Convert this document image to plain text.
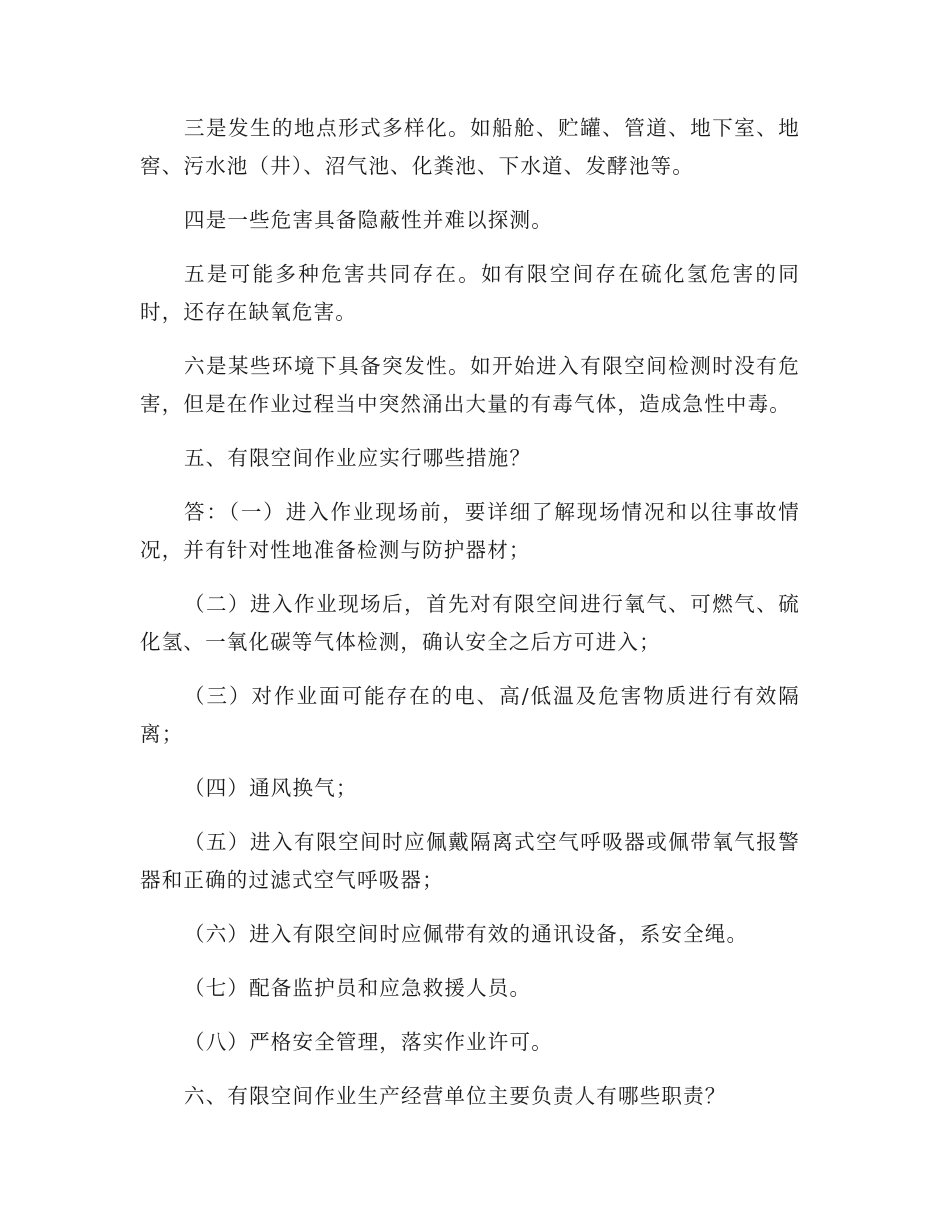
三是发生的地点形式多样化。如船舱、贮罐、管道、地下室、地窖、污水池（井）、沼气池、化粪池、下水道、发酵池等。

四是一些危害具备隐蔽性并难以探测。

五是可能多种危害共同存在。如有限空间存在硫化氢危害的同时，还存在缺氧危害。

六是某些环境下具备突发性。如开始进入有限空间检测时没有危害，但是在作业过程当中突然涌出大量的有毒气体，造成急性中毒。

五、有限空间作业应实行哪些措施？

答：（一）进入作业现场前，要详细了解现场情况和以往事故情况，并有针对性地准备检测与防护器材；

（二）进入作业现场后，首先对有限空间进行氧气、可燃气、硫化氢、一氧化碳等气体检测，确认安全之后方可进入；

（三）对作业面可能存在的电、高/低温及危害物质进行有效隔离；

（四）通风换气；

（五）进入有限空间时应佩戴隔离式空气呼吸器或佩带氧气报警器和正确的过滤式空气呼吸器；

（六）进入有限空间时应佩带有效的通讯设备，系安全绳。

（七）配备监护员和应急救援人员。

（八）严格安全管理，落实作业许可。

六、有限空间作业生产经营单位主要负责人有哪些职责？
